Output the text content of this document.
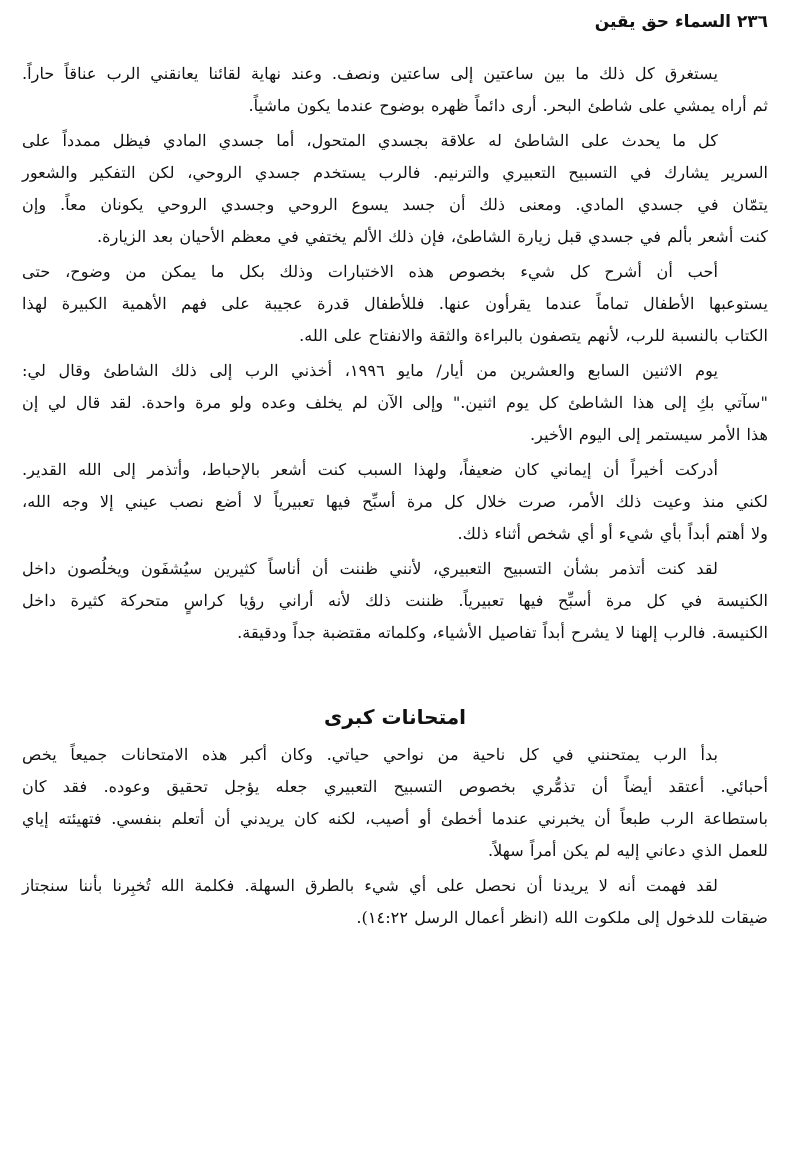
٢٣٦ السماء حق يقين
يستغرق كل ذلك ما بين ساعتين إلى ساعتين ونصف. وعند نهاية لقائنا يعانقني الرب عناقاً حاراً.
ثم أراه يمشي على شاطئ البحر. أرى دائماً ظهره بوضوح عندما يكون ماشياً.
كل ما يحدث على الشاطئ له علاقة بجسدي المتحول، أما جسدي المادي فيظل ممدداً على
السرير يشارك في التسبيح التعبيري والترنيم. فالرب يستخدم جسدي الروحي، لكن التفكير والشعور
يتمّان في جسدي المادي. ومعنى ذلك أن جسد يسوع الروحي وجسدي الروحي يكونان معاً. وإن
كنت أشعر بألم في جسدي قبل زيارة الشاطئ، فإن ذلك الألم يختفي في معظم الأحيان بعد الزيارة.
أحب أن أشرح كل شيء بخصوص هذه الاختبارات وذلك بكل ما يمكن من وضوح، حتى
يستوعبها الأطفال تماماً عندما يقرأون عنها. فللأطفال قدرة عجيبة على فهم الأهمية الكبيرة لهذا
الكتاب بالنسبة للرب، لأنهم يتصفون بالبراءة والثقة والانفتاح على الله.
يوم الاثنين السابع والعشرين من أيار/ مايو ١٩٩٦، أخذني الرب إلى ذلك الشاطئ وقال لي:
"سآتي بكِ إلى هذا الشاطئ كل يوم اثنين." وإلى الآن لم يخلف وعده ولو مرة واحدة. لقد قال لي إن
هذا الأمر سيستمر إلى اليوم الأخير.
أدركت أخيراً أن إيماني كان ضعيفاً، ولهذا السبب كنت أشعر بالإحباط، وأتذمر إلى الله القدير.
لكني منذ وعيت ذلك الأمر، صرت خلال كل مرة أسبِّح فيها تعبيرياً لا أضع نصب عيني إلا وجه الله،
ولا أهتم أبداً بأي شيء أو أي شخص أثناء ذلك.
لقد كنت أتذمر بشأن التسبيح التعبيري، لأنني ظننت أن أناساً كثيرين سيُشفَون ويخلُصون داخل
الكنيسة في كل مرة أسبِّح فيها تعبيرياً. ظننت ذلك لأنه أراني رؤيا كراسٍ متحركة كثيرة داخل
الكنيسة. فالرب إلهنا لا يشرح أبداً تفاصيل الأشياء، وكلماته مقتضبة جداً ودقيقة.
امتحانات كبرى
بدأ الرب يمتحنني في كل ناحية من نواحي حياتي. وكان أكبر هذه الامتحانات جميعاً يخص
أحبائي. أعتقد أيضاً أن تذمُّري بخصوص التسبيح التعبيري جعله يؤجل تحقيق وعوده. فقد كان
باستطاعة الرب طبعاً أن يخبرني عندما أخطئ أو أصيب، لكنه كان يريدني أن أتعلم بنفسي. فتهيئته إياي
للعمل الذي دعاني إليه لم يكن أمراً سهلاً.
لقد فهمت أنه لا يريدنا أن نحصل على أي شيء بالطرق السهلة. فكلمة الله تُخبِرنا بأننا سنجتاز
ضيقات للدخول إلى ملكوت الله (انظر أعمال الرسل ١٤:٢٢).
